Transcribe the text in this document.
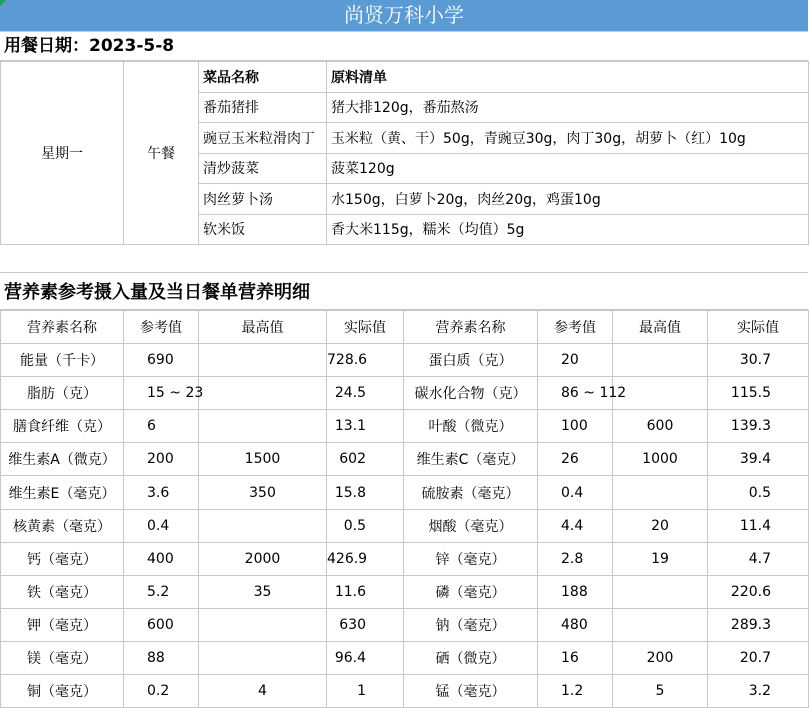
尚贤万科小学
用餐日期：2023-5-8
星期一	午餐	菜品名称	原料清单
		番茄猪排	猪大排120g，番茄熬汤
		豌豆玉米粒滑肉丁	玉米粒（黄、干）50g，青豌豆30g，肉丁30g，胡萝卜（红）10g
		清炒菠菜	菠菜120g
		肉丝萝卜汤	水150g，白萝卜20g，肉丝20g，鸡蛋10g
		软米饭	香大米115g，糯米（均值）5g
营养素参考摄入量及当日餐单营养明细
营养素名称	参考值	最高值	实际值	营养素名称	参考值	最高值	实际值
能量（千卡）	690		728.6	蛋白质（克）	20		30.7
脂肪（克）	15 ~ 23		24.5	碳水化合物（克）	86 ~ 112		115.5
膳食纤维（克）	6		13.1	叶酸（微克）	100	600	139.3
维生素A（微克）	200	1500	602	维生素C（毫克）	26	1000	39.4
维生素E（毫克）	3.6	350	15.8	硫胺素（毫克）	0.4		0.5
核黄素（毫克）	0.4		0.5	烟酸（毫克）	4.4	20	11.4
钙（毫克）	400	2000	426.9	锌（毫克）	2.8	19	4.7
铁（毫克）	5.2	35	11.6	磷（毫克）	188		220.6
钾（毫克）	600		630	钠（毫克）	480		289.3
镁（毫克）	88		96.4	硒（微克）	16	200	20.7
铜（毫克）	0.2	4	1	锰（毫克）	1.2	5	3.2
